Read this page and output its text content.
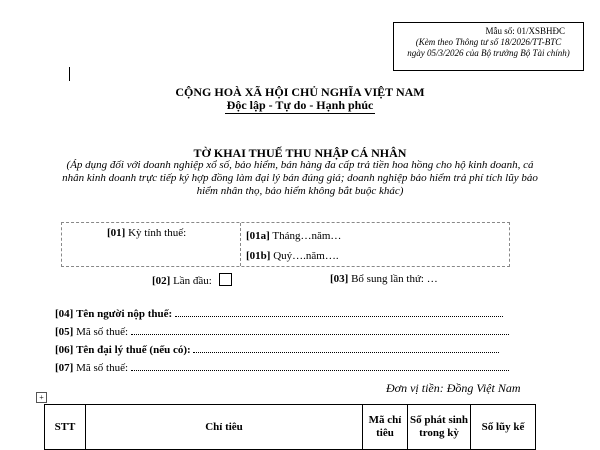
Mẫu số: 01/XSBHĐC
(Kèm theo Thông tư số 18/2026/TT-BTC
ngày 05/3/2026 của Bộ trưởng Bộ Tài chính)
CỘNG HOÀ XÃ HỘI CHỦ NGHĨA VIỆT NAM
Độc lập - Tự do - Hạnh phúc
TỜ KHAI THUẾ THU NHẬP CÁ NHÂN
(Áp dụng đối với doanh nghiệp xổ số, bảo hiểm, bán hàng đa cấp trả tiền hoa hồng cho hộ kinh doanh, cá nhân kinh doanh trực tiếp ký hợp đồng làm đại lý bán đúng giá; doanh nghiệp bảo hiểm trả phí tích lũy bảo hiểm nhân thọ, bảo hiểm không bắt buộc khác)
[01] Kỳ tính thuế:	[01a] Tháng…năm…
[01b] Quý….năm….
[02] Lần đầu:	[03] Bổ sung lần thứ: …
[04] Tên người nộp thuế:
[05] Mã số thuế:
[06] Tên đại lý thuế (nếu có):
[07] Mã số thuế:
Đơn vị tiền: Đồng Việt Nam
+
STT	Chỉ tiêu	Mã chỉ tiêu	Số phát sinh trong kỳ	Số lũy kế
